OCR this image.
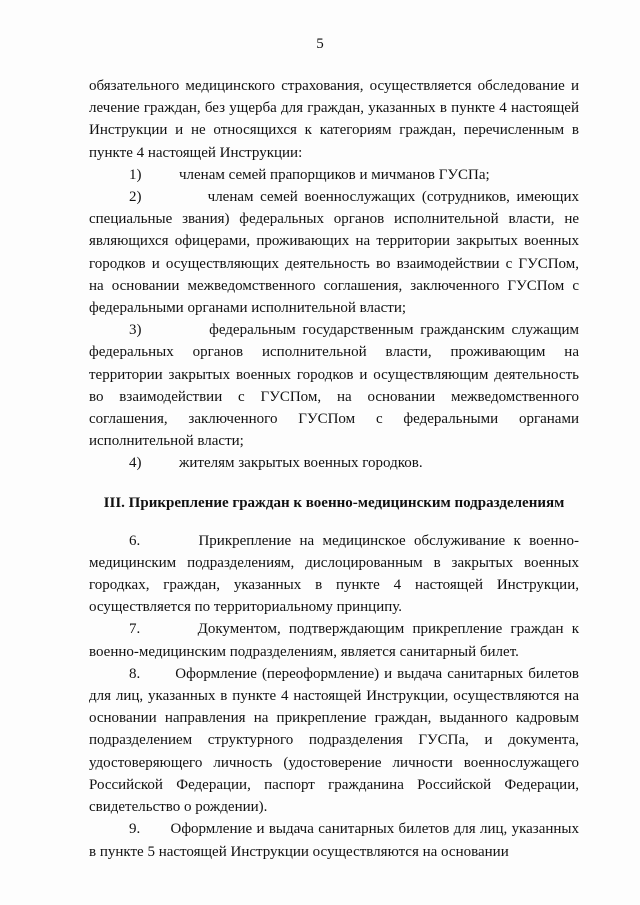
5

обязательного медицинского страхования, осуществляется обследование и лечение граждан, без ущерба для граждан, указанных в пункте 4 настоящей Инструкции и не относящихся к категориям граждан, перечисленным в пункте 4 настоящей Инструкции:

1)	членам семей прапорщиков и мичманов ГУСПа;

2)	членам семей военнослужащих (сотрудников, имеющих специальные звания) федеральных органов исполнительной власти, не являющихся офицерами, проживающих на территории закрытых военных городков и осуществляющих деятельность во взаимодействии с ГУСПом, на основании межведомственного соглашения, заключенного ГУСПом с федеральными органами исполнительной власти;

3)	федеральным государственным гражданским служащим федеральных органов исполнительной власти, проживающим на территории закрытых военных городков и осуществляющим деятельность во взаимодействии с ГУСПом, на основании межведомственного соглашения, заключенного ГУСПом с федеральными органами исполнительной власти;

4)	жителям закрытых военных городков.

III. Прикрепление граждан к военно-медицинским подразделениям

6.	Прикрепление на медицинское обслуживание к военно-медицинским подразделениям, дислоцированным в закрытых военных городках, граждан, указанных в пункте 4 настоящей Инструкции, осуществляется по территориальному принципу.

7.	Документом, подтверждающим прикрепление граждан к военно-медицинским подразделениям, является санитарный билет.

8. Оформление (переоформление) и выдача санитарных билетов для лиц, указанных в пункте 4 настоящей Инструкции, осуществляются на основании направления на прикрепление граждан, выданного кадровым подразделением структурного подразделения ГУСПа, и документа, удостоверяющего личность (удостоверение личности военнослужащего Российской Федерации, паспорт гражданина Российской Федерации, свидетельство о рождении).

9. Оформление и выдача санитарных билетов для лиц, указанных в пункте 5 настоящей Инструкции осуществляются на основании
